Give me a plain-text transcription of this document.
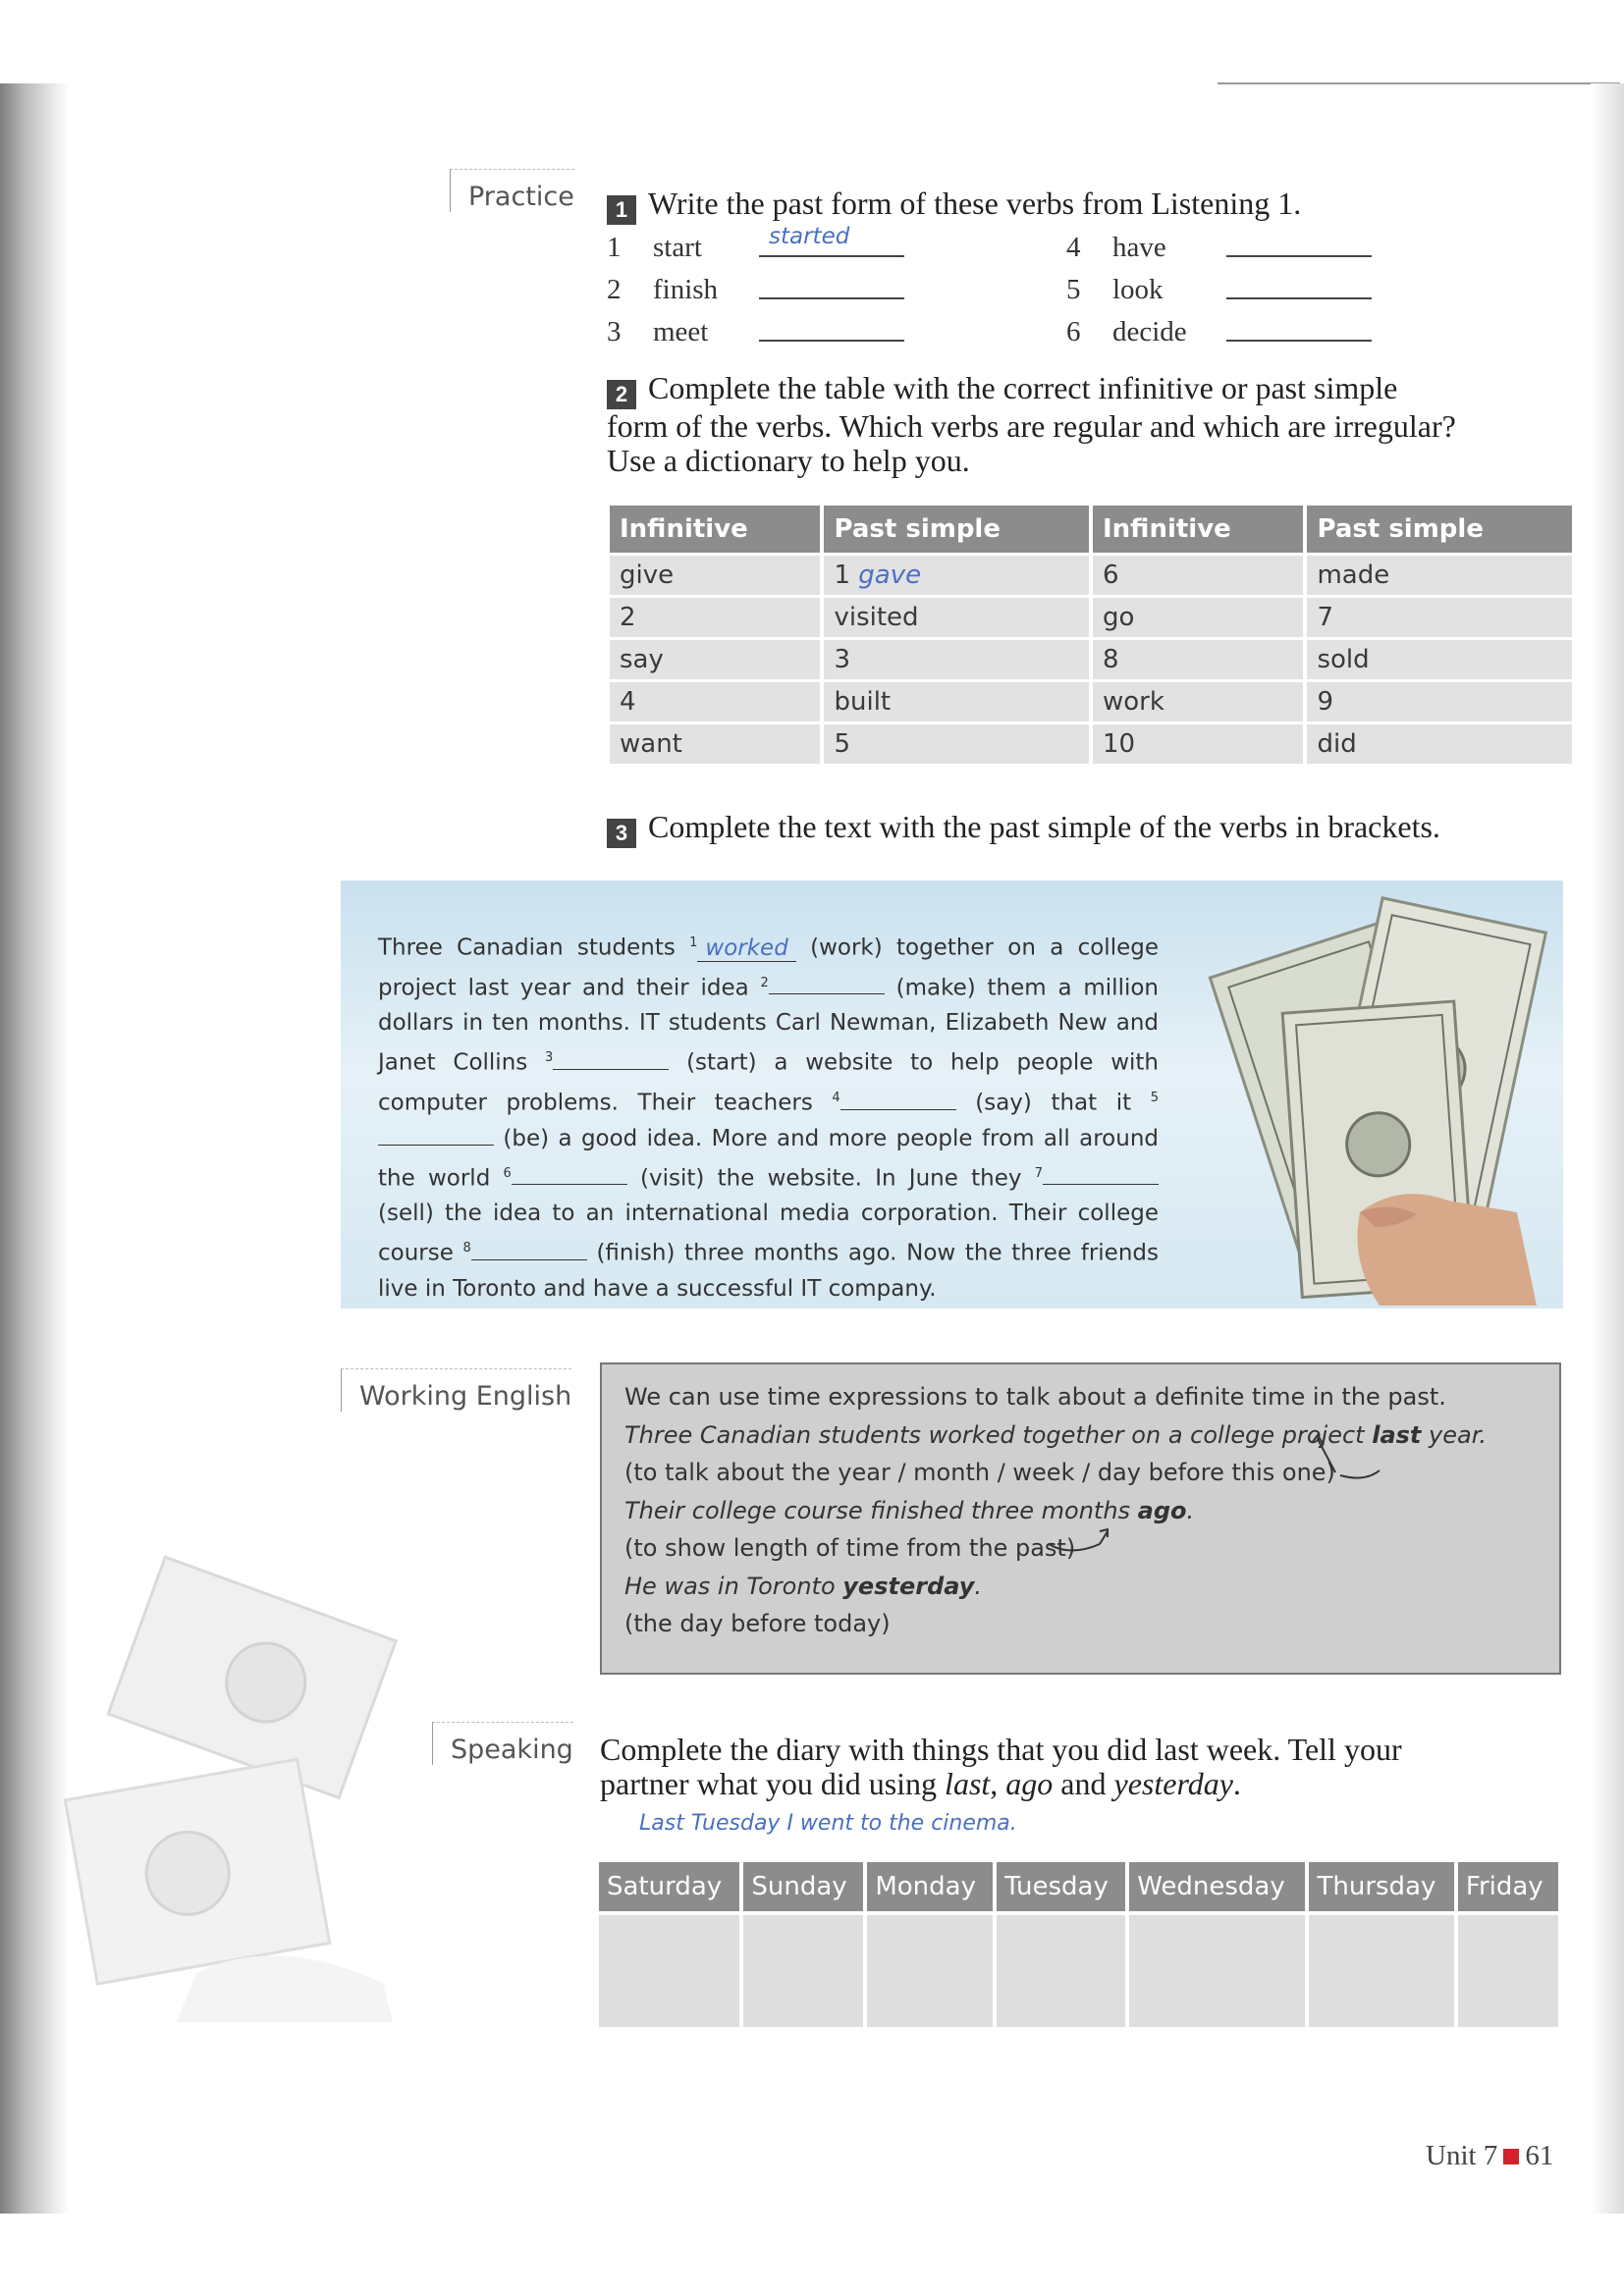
Practice	1 Write the past form of these verbs from Listening 1.
1	start	started
2	finish
3	meet
4	have
5	look
6	decide
2 Complete the table with the correct infinitive or past simple
form of the verbs. Which verbs are regular and which are irregular?
Use a dictionary to help you.
Infinitive	Past simple	Infinitive	Past simple
give	1 gave	6	made
2	visited	go	7
say	3	8	sold
4	built	work	9
want	5	10	did
3 Complete the text with the past simple of the verbs in brackets.
Three Canadian students $^1$ worked (work) together on a college project last year and their idea $^2$	(make) them a million dollars in ten months. IT students Carl Newman, Elizabeth New and Janet Collins $^3$	(start) a website to help people with computer problems. Their teachers $^4$	(say) that it $^5$ (be) a good idea. More and more people from all around the world $^6$	(visit) the website. In June they $^7$ (sell) the idea to an international media corporation. Their college course $^8$	(finish) three months ago. Now the three friends live in Toronto and have a successful IT company.
Working English We can use time expressions to talk about a definite time in the past.
Three Canadian students worked together on a college project last year.
(to talk about the year / month / week / day before this one)
Their college course finished three months ago.
(to show length of time from the past)
He was in Toronto yesterday.
(the day before today)
Speaking Complete the diary with things that you did last week. Tell your
partner what you did using last, ago and yesterday.
Last Tuesday I went to the cinema.
Saturday	Sunday	Monday	Tuesday	Wednesday	Thursday	Friday

Unit 7 61
